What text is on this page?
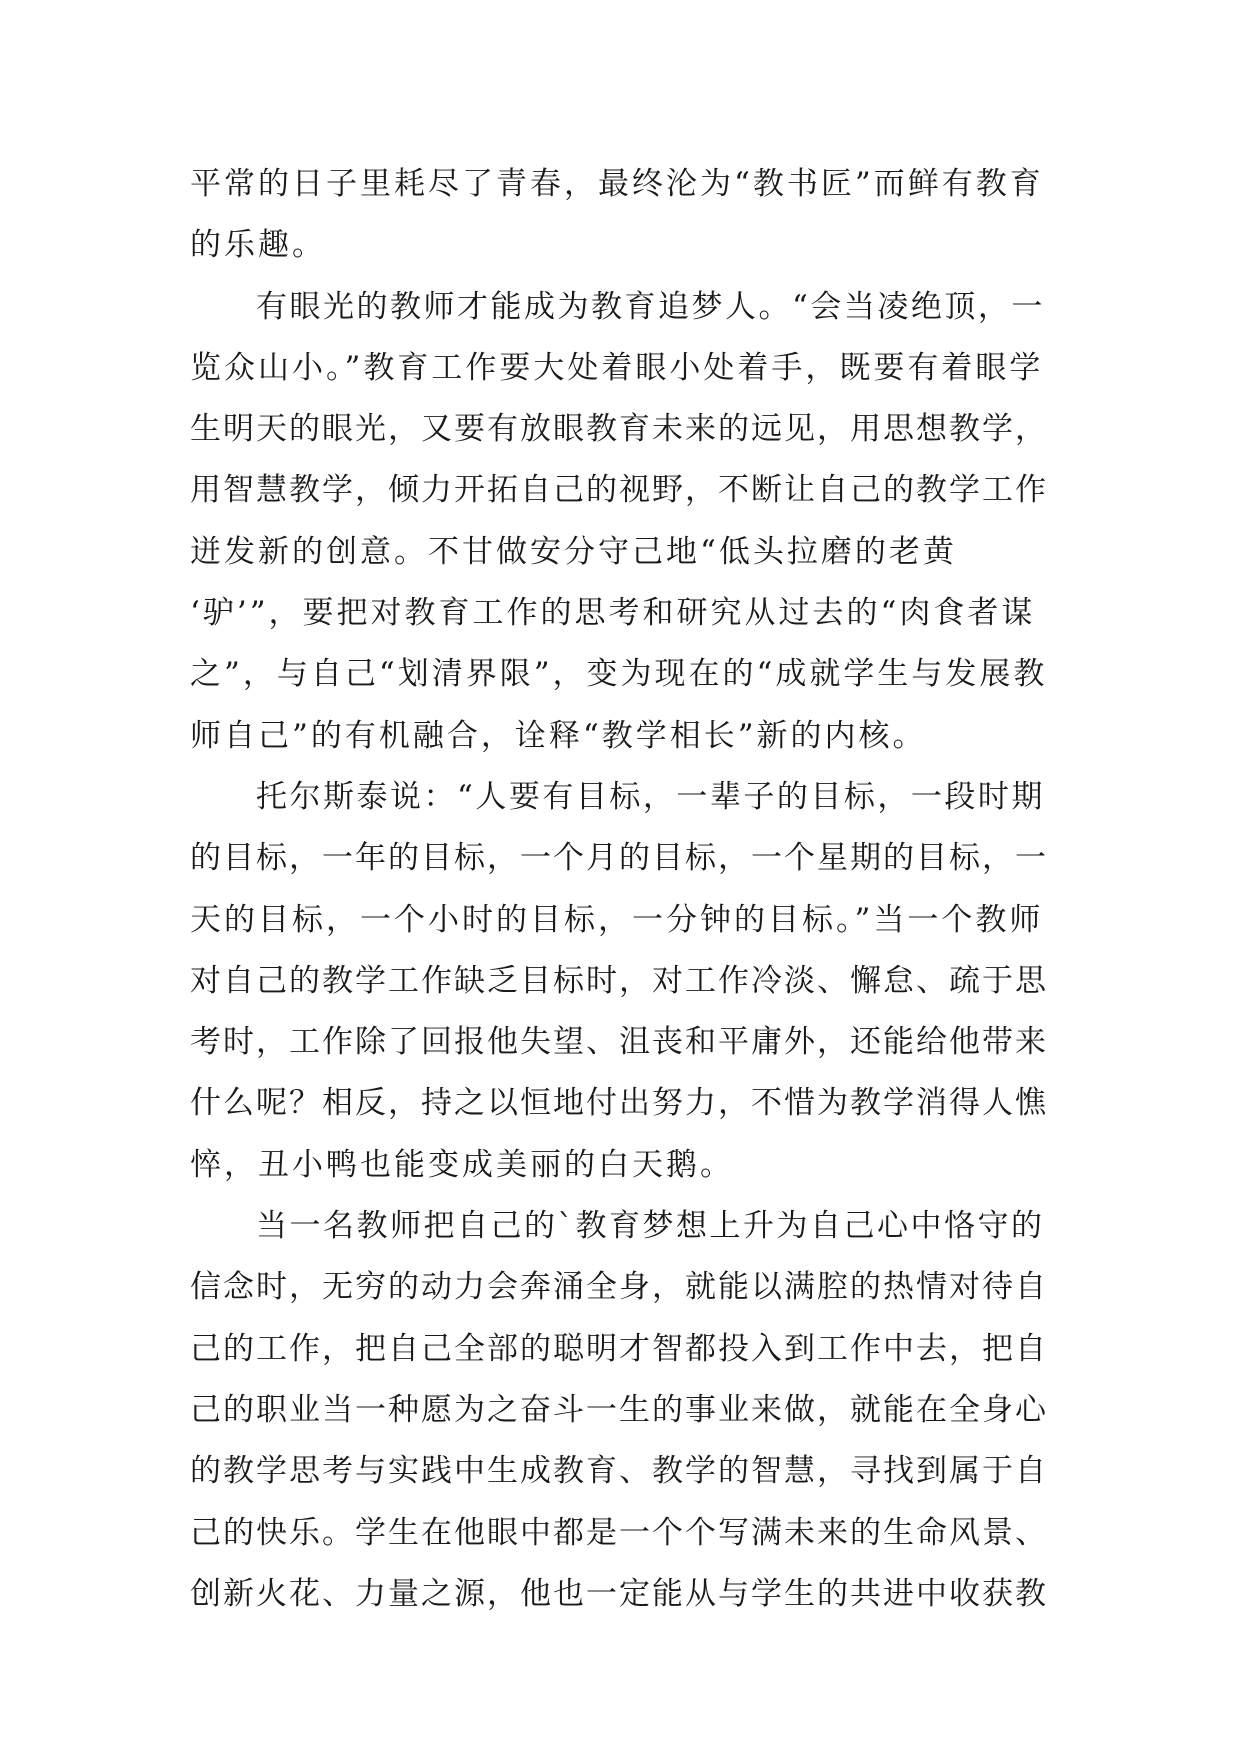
平常的日子里耗尽了青春，最终沦为“教书匠”而鲜有教育
的乐趣。
有眼光的教师才能成为教育追梦人。“会当凌绝顶，一
览众山小。”教育工作要大处着眼小处着手，既要有着眼学
生明天的眼光，又要有放眼教育未来的远见，用思想教学，
用智慧教学，倾力开拓自己的视野，不断让自己的教学工作
迸发新的创意。不甘做安分守己地“低头拉磨的老黄
‘驴’”，要把对教育工作的思考和研究从过去的“肉食者谋
之”，与自己“划清界限”，变为现在的“成就学生与发展教
师自己”的有机融合，诠释“教学相长”新的内核。
托尔斯泰说：“人要有目标，一辈子的目标，一段时期
的目标，一年的目标，一个月的目标，一个星期的目标，一
天的目标，一个小时的目标，一分钟的目标。”当一个教师
对自己的教学工作缺乏目标时，对工作冷淡、懈怠、疏于思
考时，工作除了回报他失望、沮丧和平庸外，还能给他带来
什么呢？相反，持之以恒地付出努力，不惜为教学消得人憔
悴，丑小鸭也能变成美丽的白天鹅。
当一名教师把自己的`教育梦想上升为自己心中恪守的
信念时，无穷的动力会奔涌全身，就能以满腔的热情对待自
己的工作，把自己全部的聪明才智都投入到工作中去，把自
己的职业当一种愿为之奋斗一生的事业来做，就能在全身心
的教学思考与实践中生成教育、教学的智慧，寻找到属于自
己的快乐。学生在他眼中都是一个个写满未来的生命风景、
创新火花、力量之源，他也一定能从与学生的共进中收获教
